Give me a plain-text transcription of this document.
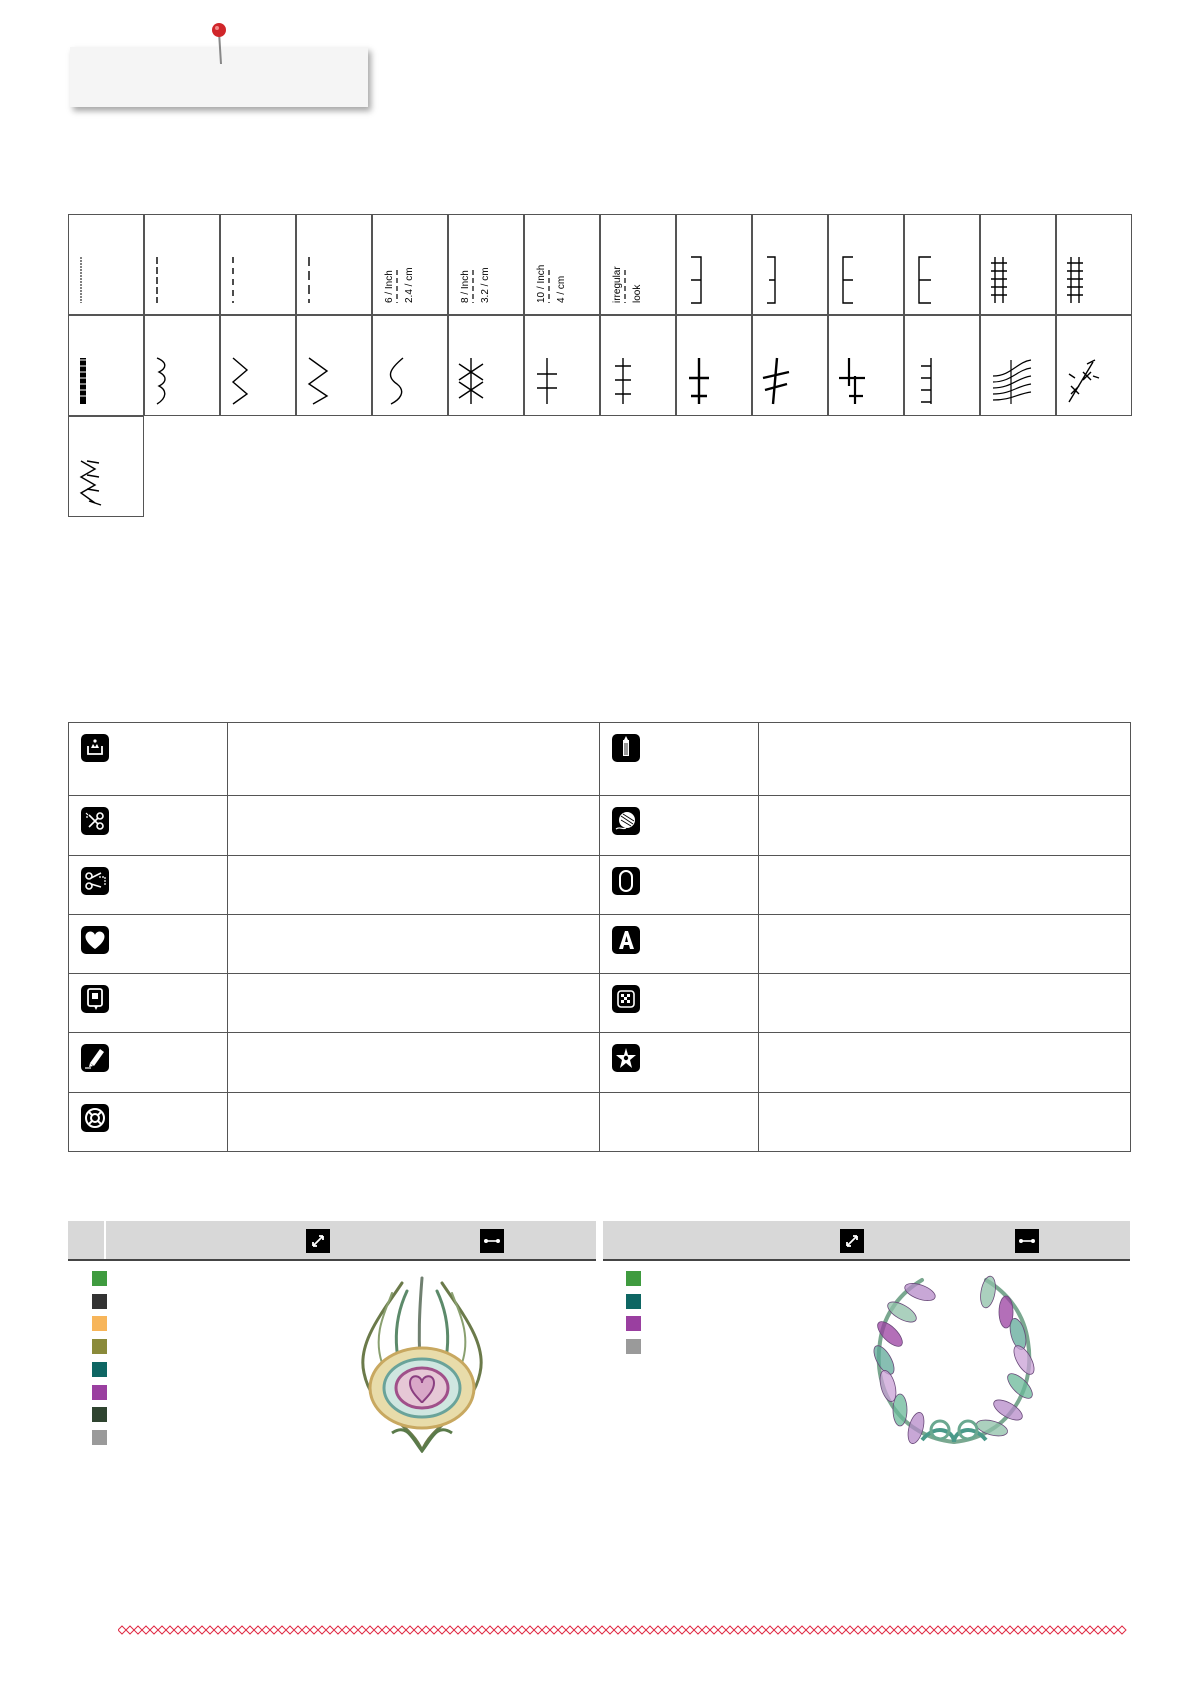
6 / Inch 2.4 / cm	8 / Inch 3.2 / cm	10 / Inch 4 / cm	irregular look
